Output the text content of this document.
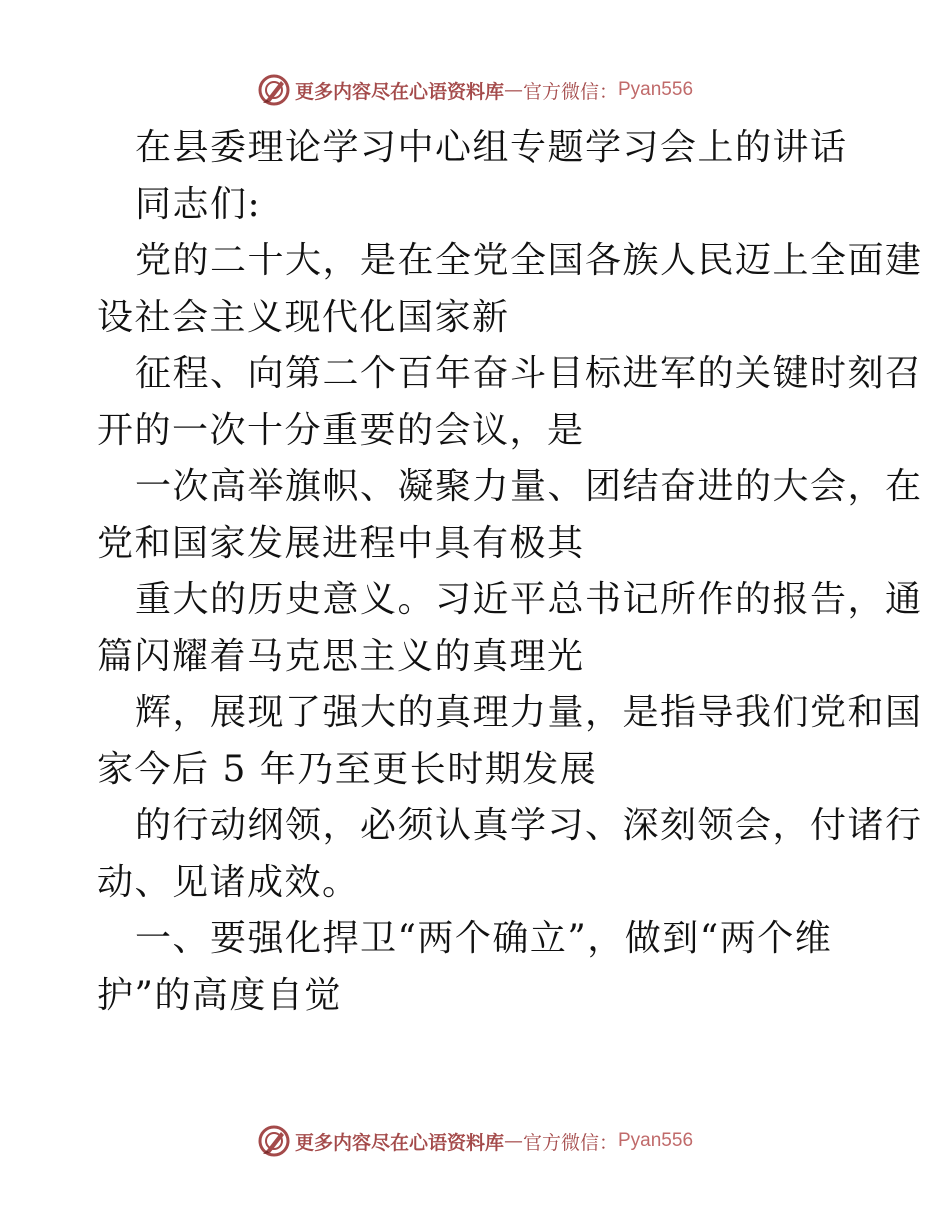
更多内容尽在心语资料库 — 官方微信： Pyan556
在县委理论学习中心组专题学习会上的讲话
同志们:
党的二十大，是在全党全国各族人民迈上全面建
设社会主义现代化国家新
征程、向第二个百年奋斗目标进军的关键时刻召
开的一次十分重要的会议，是
一次高举旗帜、凝聚力量、团结奋进的大会，在
党和国家发展进程中具有极其
重大的历史意义。习近平总书记所作的报告，通
篇闪耀着马克思主义的真理光
辉，展现了强大的真理力量，是指导我们党和国
家今后 5 年乃至更长时期发展
的行动纲领，必须认真学习、深刻领会，付诸行
动、见诸成效。
一、要强化捍卫“两个确立”，做到“两个维
护”的高度自觉
更多内容尽在心语资料库 — 官方微信： Pyan556
